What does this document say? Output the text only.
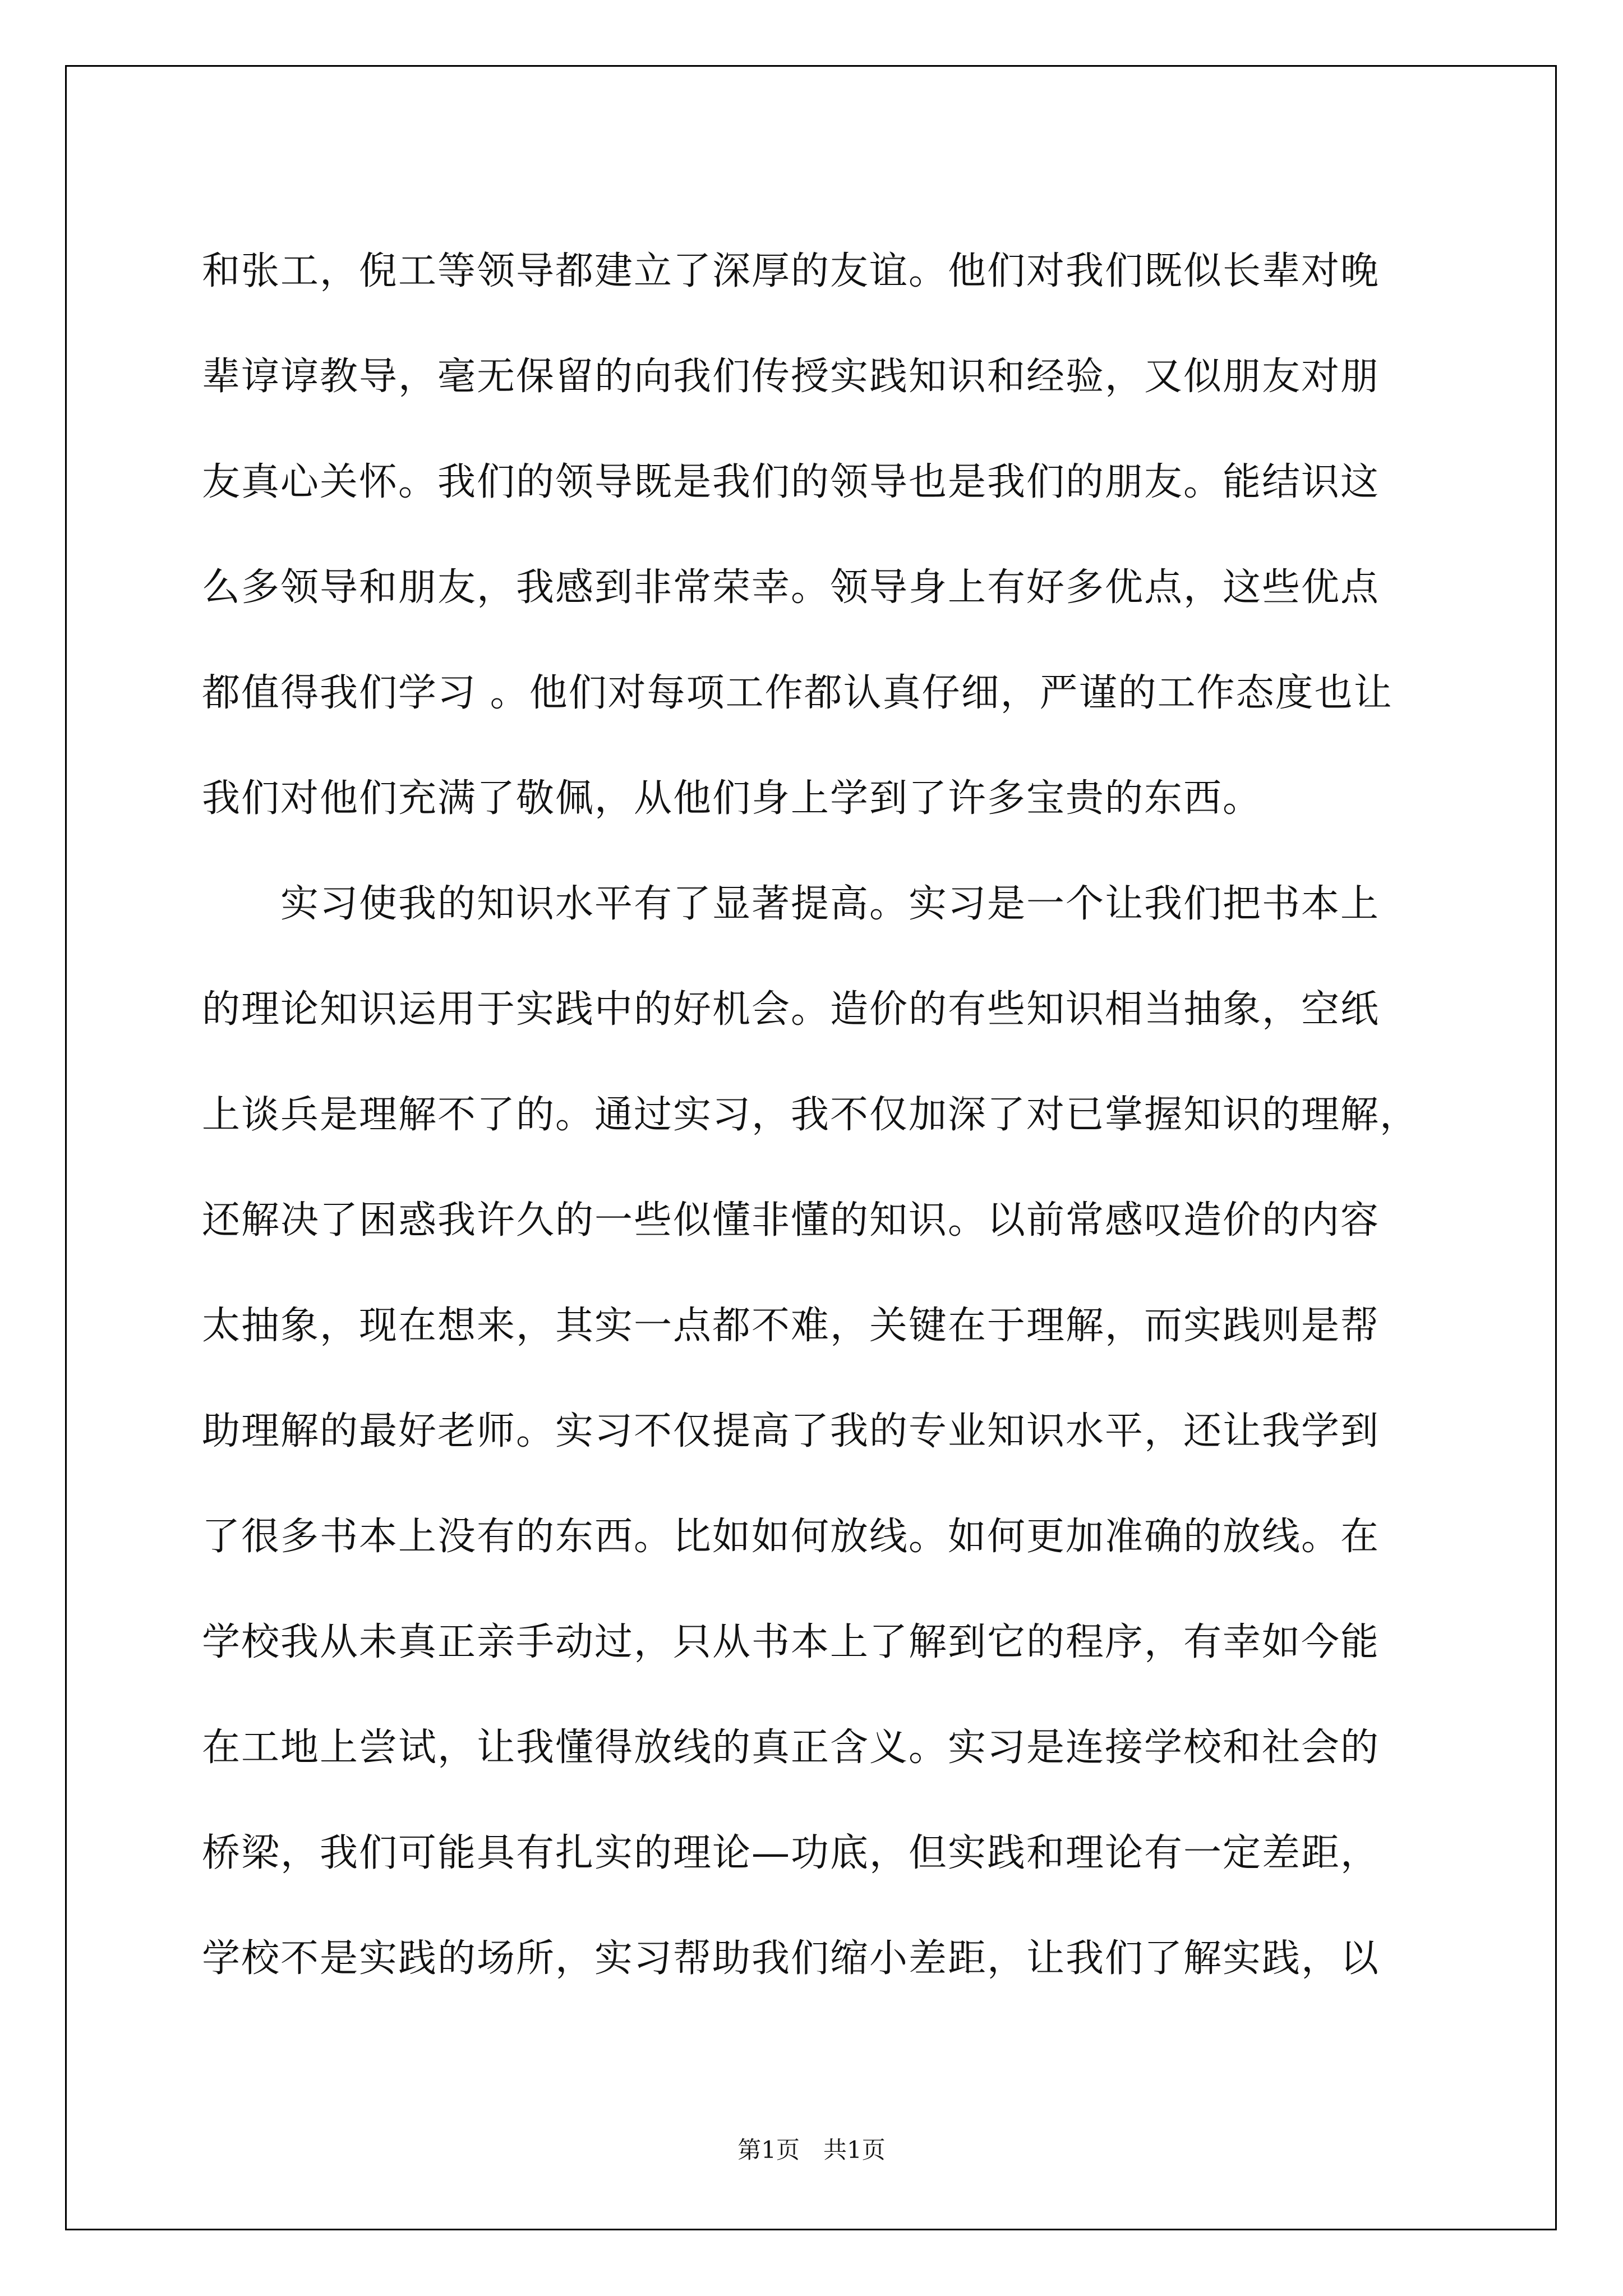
和张工，倪工等领导都建立了深厚的友谊。他们对我们既似长辈对晚
辈谆谆教导，毫无保留的向我们传授实践知识和经验，又似朋友对朋
友真心关怀。我们的领导既是我们的领导也是我们的朋友。能结识这
么多领导和朋友，我感到非常荣幸。领导身上有好多优点，这些优点
都值得我们学习 。他们对每项工作都认真仔细，严谨的工作态度也让
我们对他们充满了敬佩，从他们身上学到了许多宝贵的东西。
实习使我的知识水平有了显著提高。实习是一个让我们把书本上
的理论知识运用于实践中的好机会。造价的有些知识相当抽象，空纸
上谈兵是理解不了的。通过实习，我不仅加深了对已掌握知识的理解，
还解决了困惑我许久的一些似懂非懂的知识。以前常感叹造价的内容
太抽象，现在想来，其实一点都不难，关键在于理解，而实践则是帮
助理解的最好老师。实习不仅提高了我的专业知识水平，还让我学到
了很多书本上没有的东西。比如如何放线。如何更加准确的放线。在
学校我从未真正亲手动过，只从书本上了解到它的程序，有幸如今能
在工地上尝试，让我懂得放线的真正含义。实习是连接学校和社会的
桥梁，我们可能具有扎实的理论—功底，但实践和理论有一定差距，
学校不是实践的场所，实习帮助我们缩小差距，让我们了解实践，以
第1页　共1页
